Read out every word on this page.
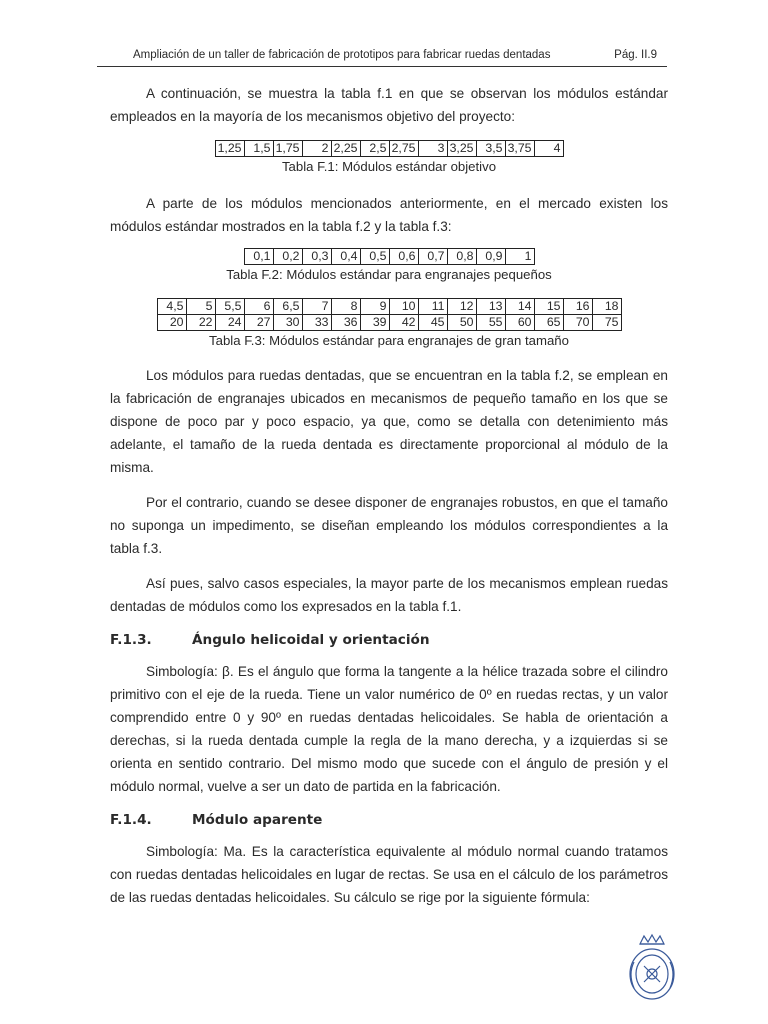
Ampliación de un taller de fabricación de prototipos para fabricar ruedas dentadas	Pág. II.9

A continuación, se muestra la tabla f.1 en que se observan los módulos estándar empleados en la mayoría de los mecanismos objetivo del proyecto:

1,25	1,5	1,75	2	2,25	2,5	2,75	3	3,25	3,5	3,75	4
Tabla F.1: Módulos estándar objetivo

A parte de los módulos mencionados anteriormente, en el mercado existen los módulos estándar mostrados en la tabla f.2 y la tabla f.3:

0,1	0,2	0,3	0,4	0,5	0,6	0,7	0,8	0,9	1
Tabla F.2: Módulos estándar para engranajes pequeños
4,5	5	5,5	6	6,5	7	8	9	10	11	12	13	14	15	16	18
20	22	24	27	30	33	36	39	42	45	50	55	60	65	70	75
Tabla F.3: Módulos estándar para engranajes de gran tamaño

Los módulos para ruedas dentadas, que se encuentran en la tabla f.2, se emplean en la fabricación de engranajes ubicados en mecanismos de pequeño tamaño en los que se dispone de poco par y poco espacio, ya que, como se detalla con detenimiento más adelante, el tamaño de la rueda dentada es directamente proporcional al módulo de la misma.

Por el contrario, cuando se desee disponer de engranajes robustos, en que el tamaño no suponga un impedimento, se diseñan empleando los módulos correspondientes a la tabla f.3.

Así pues, salvo casos especiales, la mayor parte de los mecanismos emplean ruedas dentadas de módulos como los expresados en la tabla f.1.

F.1.3.	Ángulo helicoidal y orientación

Simbología: β. Es el ángulo que forma la tangente a la hélice trazada sobre el cilindro primitivo con el eje de la rueda. Tiene un valor numérico de 0º en ruedas rectas, y un valor comprendido entre 0 y 90º en ruedas dentadas helicoidales. Se habla de orientación a derechas, si la rueda dentada cumple la regla de la mano derecha, y a izquierdas si se orienta en sentido contrario. Del mismo modo que sucede con el ángulo de presión y el módulo normal, vuelve a ser un dato de partida en la fabricación.

F.1.4.	Módulo aparente

Simbología: Ma. Es la característica equivalente al módulo normal cuando tratamos con ruedas dentadas helicoidales en lugar de rectas. Se usa en el cálculo de los parámetros de las ruedas dentadas helicoidales. Su cálculo se rige por la siguiente fórmula:
